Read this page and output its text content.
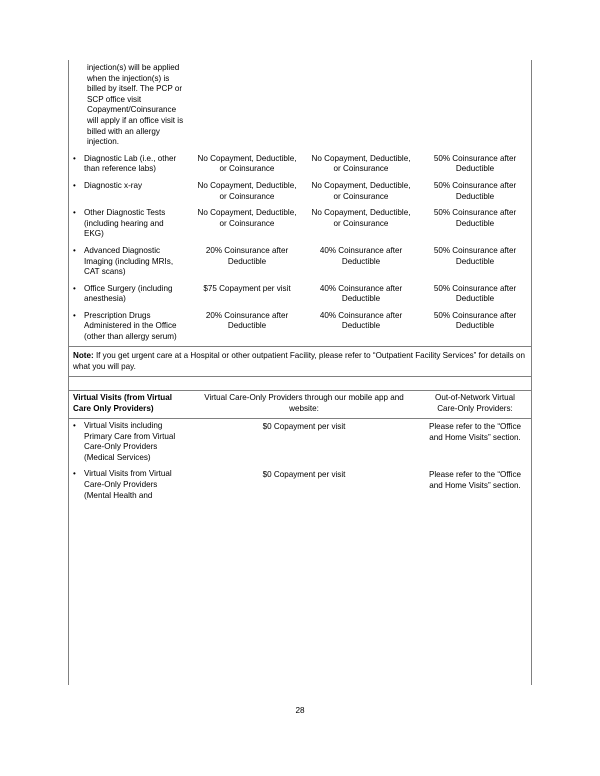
injection(s) will be applied when the injection(s) is billed by itself. The PCP or SCP office visit Copayment/Coinsurance will apply if an office visit is billed with an allergy injection.			

• Diagnostic Lab (i.e., other than reference labs)	No Copayment, Deductible, or Coinsurance	No Copayment, Deductible, or Coinsurance	50% Coinsurance after Deductible

• Diagnostic x-ray	No Copayment, Deductible, or Coinsurance	No Copayment, Deductible, or Coinsurance	50% Coinsurance after Deductible

• Other Diagnostic Tests (including hearing and EKG)	No Copayment, Deductible, or Coinsurance	No Copayment, Deductible, or Coinsurance	50% Coinsurance after Deductible

• Advanced Diagnostic Imaging (including MRIs, CAT scans)	20% Coinsurance after Deductible	40% Coinsurance after Deductible	50% Coinsurance after Deductible

• Office Surgery (including anesthesia)	$75 Copayment per visit	40% Coinsurance after Deductible	50% Coinsurance after Deductible

• Prescription Drugs Administered in the Office (other than allergy serum)	20% Coinsurance after Deductible	40% Coinsurance after Deductible	50% Coinsurance after Deductible
Note: If you get urgent care at a Hospital or other outpatient Facility, please refer to “Outpatient Facility Services” for details on what you will pay.			

Virtual Visits (from Virtual Care Only Providers)	Virtual Care-Only Providers through our mobile app and website:		Out-of-Network Virtual Care-Only Providers:

• Virtual Visits including Primary Care from Virtual Care-Only Providers (Medical Services)	$0 Copayment per visit		Please refer to the “Office and Home Visits” section.

• Virtual Visits from Virtual Care-Only Providers (Mental Health and	$0 Copayment per visit		Please refer to the “Office and Home Visits” section.
28
